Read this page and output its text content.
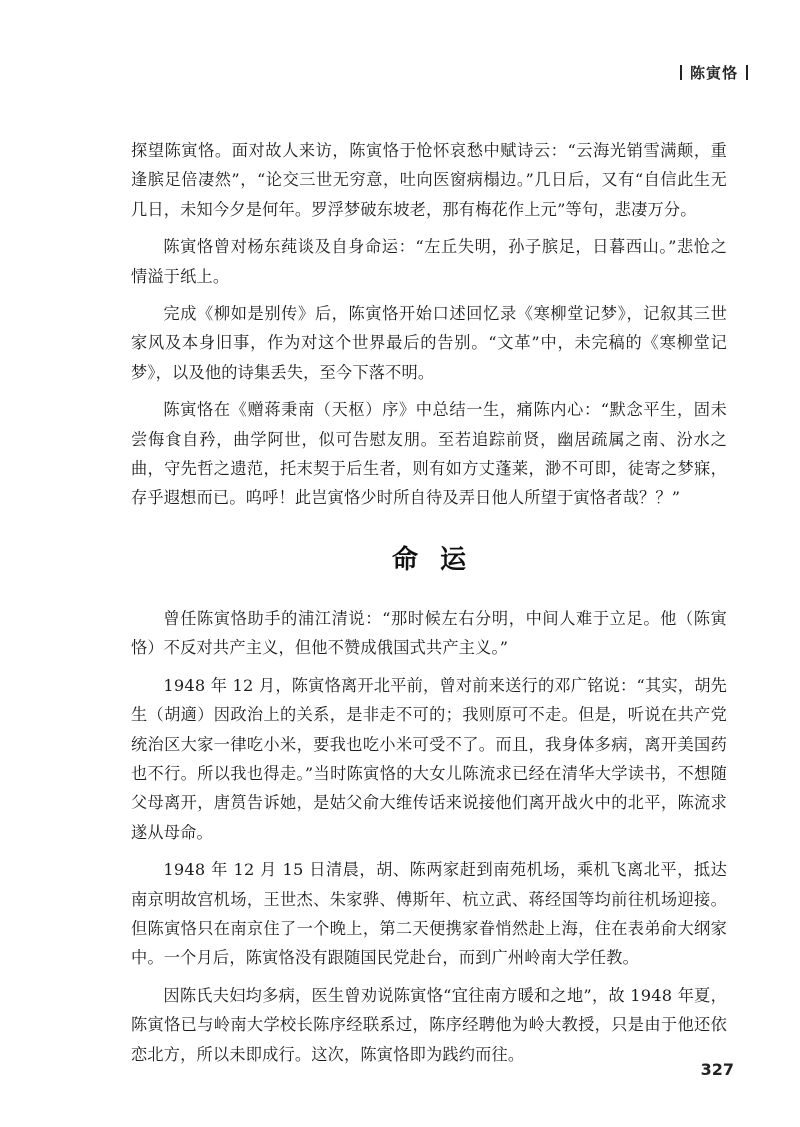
陈寅恪

探望陈寅恪。面对故人来访，陈寅恪于怆怀哀愁中赋诗云：“云海光销雪满颠，重逢膑足倍凄然”，“论交三世无穷意，吐向医窗病榻边。”几日后，又有“自信此生无几日，未知今夕是何年。罗浮梦破东坡老，那有梅花作上元”等句，悲凄万分。

陈寅恪曾对杨东莼谈及自身命运：“左丘失明，孙子膑足，日暮西山。”悲怆之情溢于纸上。

完成《柳如是别传》后，陈寅恪开始口述回忆录《寒柳堂记梦》，记叙其三世家风及本身旧事，作为对这个世界最后的告别。“文革”中，未完稿的《寒柳堂记梦》，以及他的诗集丢失，至今下落不明。

陈寅恪在《赠蒋秉南（天枢）序》中总结一生，痛陈内心：“默念平生，固未尝侮食自矜，曲学阿世，似可告慰友朋。至若追踪前贤，幽居疏属之南、汾水之曲，守先哲之遗范，托末契于后生者，则有如方丈蓬莱，渺不可即，徒寄之梦寐，存乎遐想而已。呜呼！此岂寅恪少时所自待及弄日他人所望于寅恪者哉？？”

命运

曾任陈寅恪助手的浦江清说：“那时候左右分明，中间人难于立足。他（陈寅恪）不反对共产主义，但他不赞成俄国式共产主义。”

1948 年 12 月，陈寅恪离开北平前，曾对前来送行的邓广铭说：“其实，胡先生（胡適）因政治上的关系，是非走不可的；我则原可不走。但是，听说在共产党统治区大家一律吃小米，要我也吃小米可受不了。而且，我身体多病，离开美国药也不行。所以我也得走。”当时陈寅恪的大女儿陈流求已经在清华大学读书，不想随父母离开，唐筼告诉她，是姑父俞大维传话来说接他们离开战火中的北平，陈流求遂从母命。

1948 年 12 月 15 日清晨，胡、陈两家赶到南苑机场，乘机飞离北平，抵达南京明故宫机场，王世杰、朱家骅、傅斯年、杭立武、蒋经国等均前往机场迎接。但陈寅恪只在南京住了一个晚上，第二天便携家眷悄然赴上海，住在表弟俞大纲家中。一个月后，陈寅恪没有跟随国民党赴台，而到广州岭南大学任教。

因陈氏夫妇均多病，医生曾劝说陈寅恪“宜往南方暖和之地”，故 1948 年夏，陈寅恪已与岭南大学校长陈序经联系过，陈序经聘他为岭大教授，只是由于他还依恋北方，所以未即成行。这次，陈寅恪即为践约而往。

327
